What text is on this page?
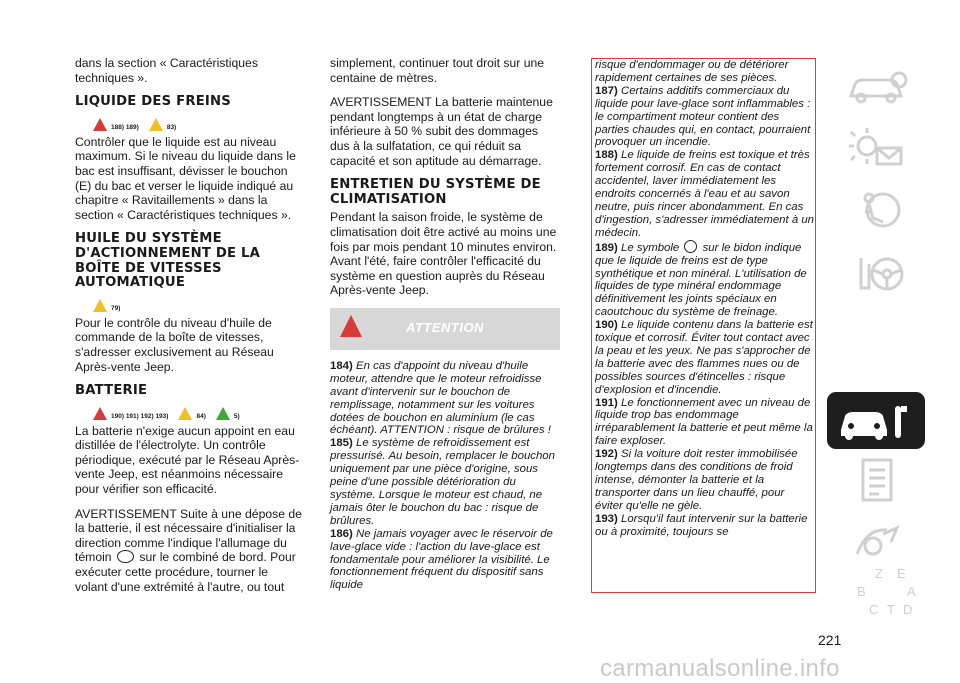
dans la section « Caractéristiques techniques ».

LIQUIDE DES FREINS
188) 189)	83)

Contrôler que le liquide est au niveau maximum. Si le niveau du liquide dans le bac est insuffisant, dévisser le bouchon (E) du bac et verser le liquide indiqué au chapitre « Ravitaillements » dans la section « Caractéristiques techniques ».

HUILE DU SYSTÈME D'ACTIONNEMENT DE LA BOÎTE DE VITESSES AUTOMATIQUE
79)

Pour le contrôle du niveau d'huile de commande de la boîte de vitesses, s'adresser exclusivement au Réseau Après-vente Jeep.

BATTERIE
190) 191) 192) 193)	84)	5)

La batterie n'exige aucun appoint en eau distillée de l'électrolyte. Un contrôle périodique, exécuté par le Réseau Après-vente Jeep, est néanmoins nécessaire pour vérifier son efficacité.

AVERTISSEMENT Suite à une dépose de la batterie, il est nécessaire d'initialiser la direction comme l'indique l'allumage du témoin sur le combiné de bord. Pour exécuter cette procédure, tourner le volant d'une extrémité à l'autre, ou tout

simplement, continuer tout droit sur une centaine de mètres.

AVERTISSEMENT La batterie maintenue pendant longtemps à un état de charge inférieure à 50 % subit des dommages dus à la sulfatation, ce qui réduit sa capacité et son aptitude au démarrage.

ENTRETIEN DU SYSTÈME DE CLIMATISATION

Pendant la saison froide, le système de climatisation doit être activé au moins une fois par mois pendant 10 minutes environ. Avant l'été, faire contrôler l'efficacité du système en question auprès du Réseau Après-vente Jeep.

ATTENTION

184) En cas d'appoint du niveau d'huile moteur, attendre que le moteur refroidisse avant d'intervenir sur le bouchon de remplissage, notamment sur les voitures dotées de bouchon en aluminium (le cas échéant). ATTENTION : risque de brûlures !

185) Le système de refroidissement est pressurisé. Au besoin, remplacer le bouchon uniquement par une pièce d'origine, sous peine d'une possible détérioration du système. Lorsque le moteur est chaud, ne jamais ôter le bouchon du bac : risque de brûlures.

186) Ne jamais voyager avec le réservoir de lave-glace vide : l'action du lave-glace est fondamentale pour améliorer la visibilité. Le fonctionnement fréquent du dispositif sans liquide

risque d'endommager ou de détériorer rapidement certaines de ses pièces.

187) Certains additifs commerciaux du liquide pour lave-glace sont inflammables : le compartiment moteur contient des parties chaudes qui, en contact, pourraient provoquer un incendie.

188) Le liquide de freins est toxique et très fortement corrosif. En cas de contact accidentel, laver immédiatement les endroits concernés à l'eau et au savon neutre, puis rincer abondamment. En cas d'ingestion, s'adresser immédiatement à un médecin.

189) Le symbole sur le bidon indique que le liquide de freins est de type synthétique et non minéral. L'utilisation de liquides de type minéral endommage définitivement les joints spéciaux en caoutchouc du système de freinage.

190) Le liquide contenu dans la batterie est toxique et corrosif. Éviter tout contact avec la peau et les yeux. Ne pas s'approcher de la batterie avec des flammes nues ou de possibles sources d'étincelles : risque d'explosion et d'incendie.

191) Le fonctionnement avec un niveau de liquide trop bas endommage irréparablement la batterie et peut même la faire exploser.

192) Si la voiture doit rester immobilisée longtemps dans des conditions de froid intense, démonter la batterie et la transporter dans un lieu chauffé, pour éviter qu'elle ne gèle.

193) Lorsqu'il faut intervenir sur la batterie ou à proximité, toujours se

Z E
B	A
C T D
221
carmanualsonline.info
